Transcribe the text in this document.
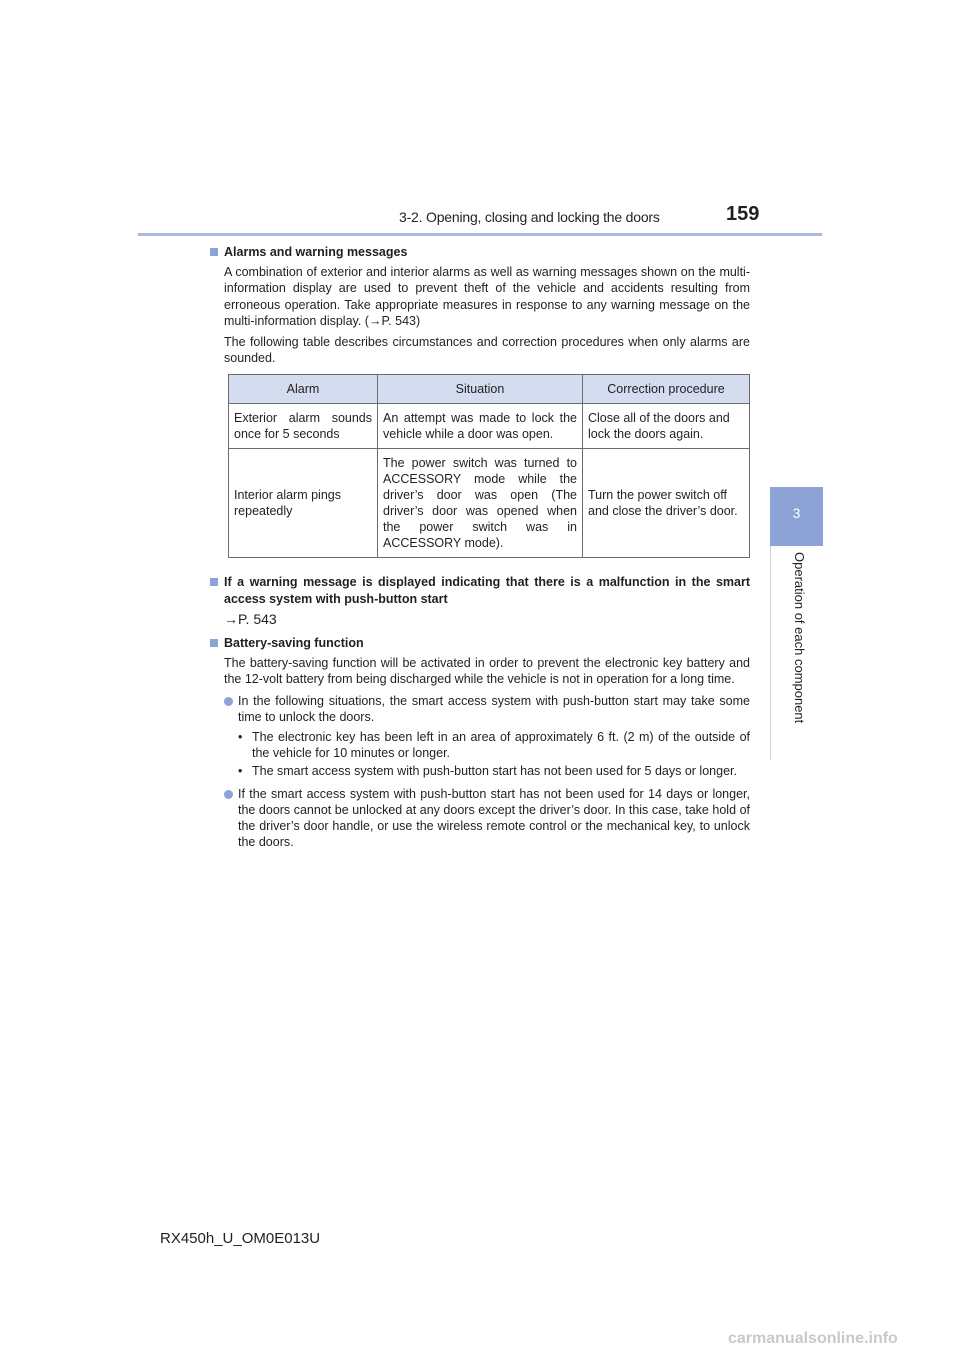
3-2. Opening, closing and locking the doors	159
3
Operation of each component
Alarms and warning messages
A combination of exterior and interior alarms as well as warning messages shown on the multi-information display are used to prevent theft of the vehicle and accidents resulting from erroneous operation. Take appropriate measures in response to any warning message on the multi-information display. (→P. 543)
The following table describes circumstances and correction procedures when only alarms are sounded.
Alarm	Situation	Correction procedure
Exterior alarm sounds once for 5 seconds	An attempt was made to lock the vehicle while a door was open.	Close all of the doors and lock the doors again.
Interior alarm pings repeatedly	The power switch was turned to ACCESSORY mode while the driver’s door was open (The driver’s door was opened when the power switch was in ACCESSORY mode).	Turn the power switch off and close the driver’s door.
If a warning message is displayed indicating that there is a malfunction in the smart access system with push-button start
→P. 543
Battery-saving function
The battery-saving function will be activated in order to prevent the electronic key battery and the 12-volt battery from being discharged while the vehicle is not in operation for a long time.
In the following situations, the smart access system with push-button start may take some time to unlock the doors.
• The electronic key has been left in an area of approximately 6 ft. (2 m) of the outside of the vehicle for 10 minutes or longer.
• The smart access system with push-button start has not been used for 5 days or longer.
If the smart access system with push-button start has not been used for 14 days or longer, the doors cannot be unlocked at any doors except the driver’s door. In this case, take hold of the driver’s door handle, or use the wireless remote control or the mechanical key, to unlock the doors.
RX450h_U_OM0E013U
carmanualsonline.info
